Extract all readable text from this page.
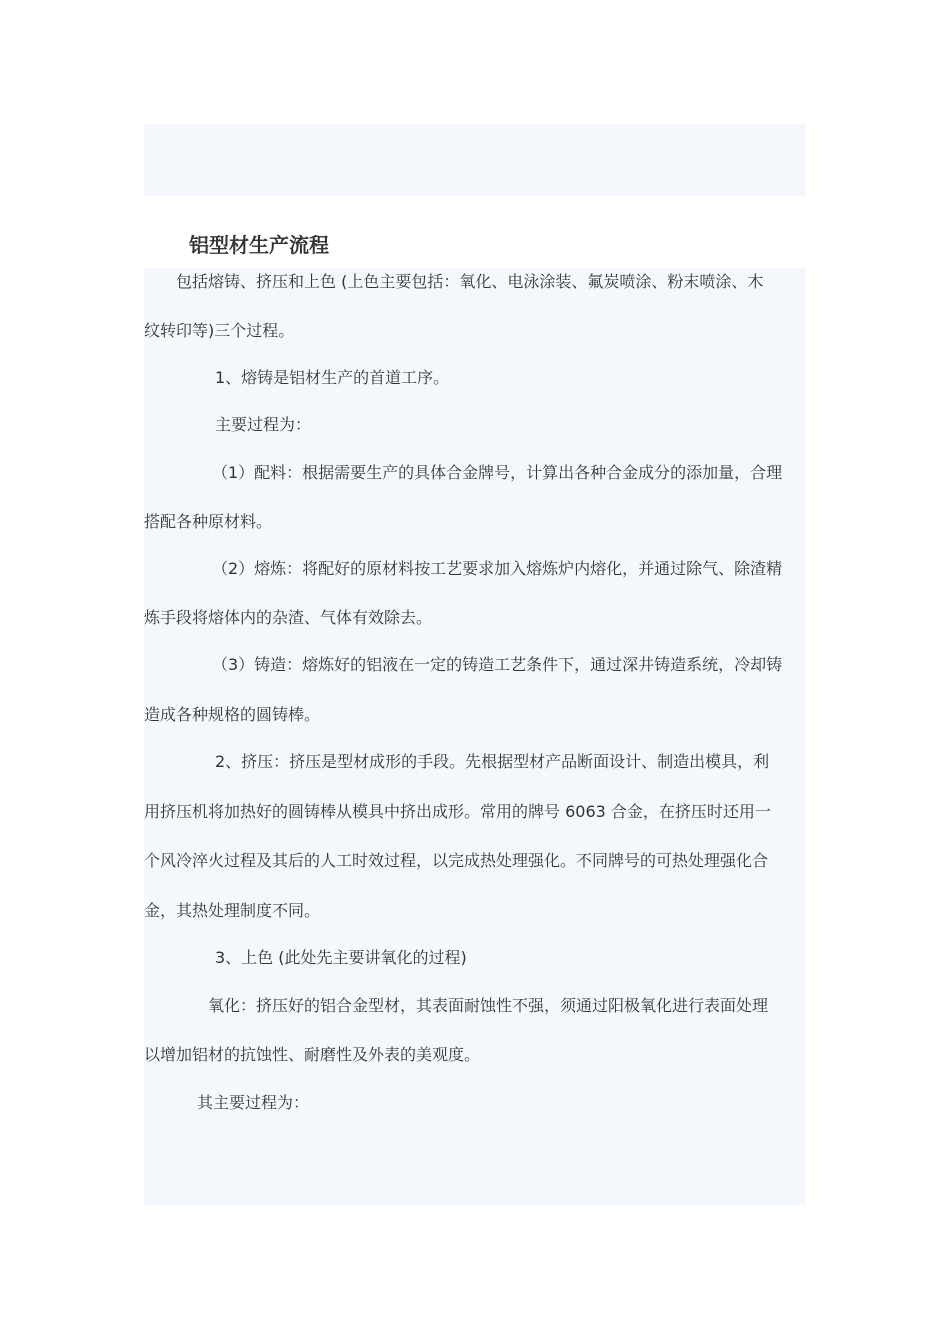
铝型材生产流程
包括熔铸、挤压和上色 (上色主要包括：氧化、电泳涂装、氟炭喷涂、粉末喷涂、木
纹转印等)三个过程。
1、熔铸是铝材生产的首道工序。
主要过程为：
（1）配料：根据需要生产的具体合金牌号，计算出各种合金成分的添加量，合理
搭配各种原材料。
（2）熔炼：将配好的原材料按工艺要求加入熔炼炉内熔化，并通过除气、除渣精
炼手段将熔体内的杂渣、气体有效除去。
（3）铸造：熔炼好的铝液在一定的铸造工艺条件下，通过深井铸造系统，冷却铸
造成各种规格的圆铸棒。
2、挤压：挤压是型材成形的手段。先根据型材产品断面设计、制造出模具，利
用挤压机将加热好的圆铸棒从模具中挤出成形。常用的牌号 6063 合金，在挤压时还用一
个风冷淬火过程及其后的人工时效过程，以完成热处理强化。不同牌号的可热处理强化合
金，其热处理制度不同。
3、上色 (此处先主要讲氧化的过程)
氧化：挤压好的铝合金型材，其表面耐蚀性不强，须通过阳极氧化进行表面处理
以增加铝材的抗蚀性、耐磨性及外表的美观度。
其主要过程为：
